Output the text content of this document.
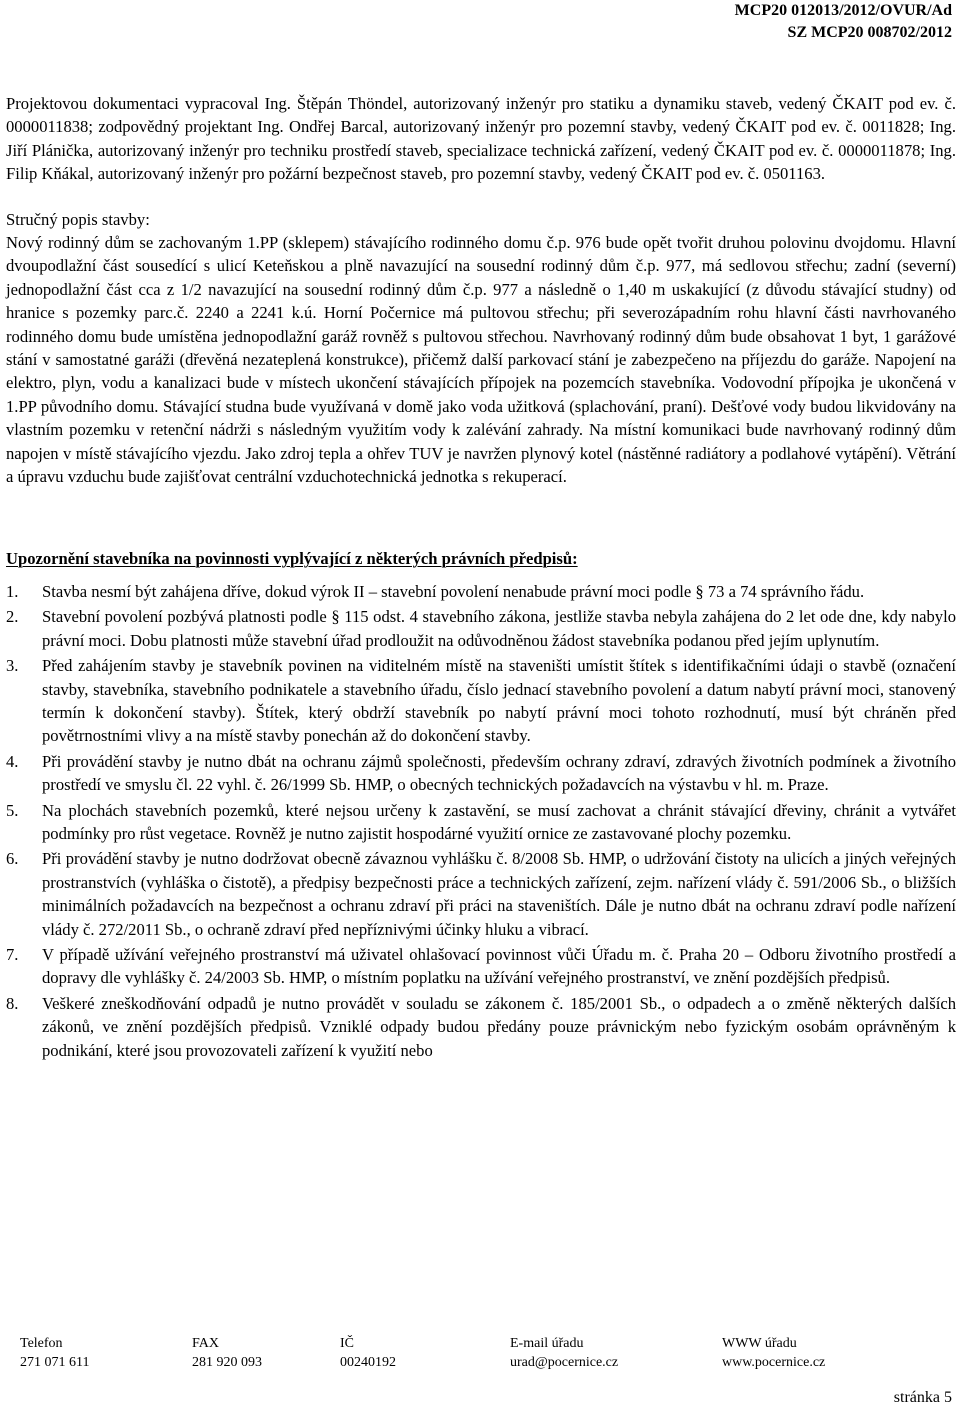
MCP20 012013/2012/OVUR/Ad
SZ MCP20 008702/2012

Projektovou dokumentaci vypracoval Ing. Štěpán Thöndel, autorizovaný inženýr pro statiku a dynamiku staveb, vedený ČKAIT pod ev. č. 0000011838; zodpovědný projektant Ing. Ondřej Barcal, autorizovaný inženýr pro pozemní stavby, vedený ČKAIT pod ev. č. 0011828; Ing. Jiří Plánička, autorizovaný inženýr pro techniku prostředí staveb, specializace technická zařízení, vedený ČKAIT pod ev. č. 0000011878; Ing. Filip Kňákal, autorizovaný inženýr pro požární bezpečnost staveb, pro pozemní stavby, vedený ČKAIT pod ev. č. 0501163.

Stručný popis stavby:

Nový rodinný dům se zachovaným 1.PP (sklepem) stávajícího rodinného domu č.p. 976 bude opět tvořit druhou polovinu dvojdomu. Hlavní dvoupodlažní část sousedící s ulicí Keteňskou a plně navazující na sousední rodinný dům č.p. 977, má sedlovou střechu; zadní (severní) jednopodlažní část cca z 1/2 navazující na sousední rodinný dům č.p. 977 a následně o 1,40 m uskakující (z důvodu stávající studny) od hranice s pozemky parc.č. 2240 a 2241 k.ú. Horní Počernice má pultovou střechu; při severozápadním rohu hlavní části navrhovaného rodinného domu bude umístěna jednopodlažní garáž rovněž s pultovou střechou. Navrhovaný rodinný dům bude obsahovat 1 byt, 1 garážové stání v samostatné garáži (dřevěná nezateplená konstrukce), přičemž další parkovací stání je zabezpečeno na příjezdu do garáže. Napojení na elektro, plyn, vodu a kanalizaci bude v místech ukončení stávajících přípojek na pozemcích stavebníka. Vodovodní přípojka je ukončená v 1.PP původního domu. Stávající studna bude využívaná v domě jako voda užitková (splachování, praní). Dešťové vody budou likvidovány na vlastním pozemku v retenční nádrži s následným využitím vody k zalévání zahrady. Na místní komunikaci bude navrhovaný rodinný dům napojen v místě stávajícího vjezdu. Jako zdroj tepla a ohřev TUV je navržen plynový kotel (nástěnné radiátory a podlahové vytápění). Větrání a úpravu vzduchu bude zajišťovat centrální vzduchotechnická jednotka s rekuperací.

Upozornění stavebníka na povinnosti vyplývající z některých právních předpisů:

1.	Stavba nesmí být zahájena dříve, dokud výrok II – stavební povolení nenabude právní moci podle § 73 a 74 správního řádu.
2.	Stavební povolení pozbývá platnosti podle § 115 odst. 4 stavebního zákona, jestliže stavba nebyla zahájena do 2 let ode dne, kdy nabylo právní moci. Dobu platnosti může stavební úřad prodloužit na odůvodněnou žádost stavebníka podanou před jejím uplynutím.
3.	Před zahájením stavby je stavebník povinen na viditelném místě na staveništi umístit štítek s identifikačními údaji o stavbě (označení stavby, stavebníka, stavebního podnikatele a stavebního úřadu, číslo jednací stavebního povolení a datum nabytí právní moci, stanovený termín k dokončení stavby). Štítek, který obdrží stavebník po nabytí právní moci tohoto rozhodnutí, musí být chráněn před povětrnostními vlivy a na místě stavby ponechán až do dokončení stavby.
4.	Při provádění stavby je nutno dbát na ochranu zájmů společnosti, především ochrany zdraví, zdravých životních podmínek a životního prostředí ve smyslu čl. 22 vyhl. č. 26/1999 Sb. HMP, o obecných technických požadavcích na výstavbu v hl. m. Praze.
5.	Na plochách stavebních pozemků, které nejsou určeny k zastavění, se musí zachovat a chránit stávající dřeviny, chránit a vytvářet podmínky pro růst vegetace. Rovněž je nutno zajistit hospodárné využití ornice ze zastavované plochy pozemku.
6.	Při provádění stavby je nutno dodržovat obecně závaznou vyhlášku č. 8/2008 Sb. HMP, o udržování čistoty na ulicích a jiných veřejných prostranstvích (vyhláška o čistotě), a předpisy bezpečnosti práce a technických zařízení, zejm. nařízení vlády č. 591/2006 Sb., o bližších minimálních požadavcích na bezpečnost a ochranu zdraví při práci na staveništích. Dále je nutno dbát na ochranu zdraví podle nařízení vlády č. 272/2011 Sb., o ochraně zdraví před nepříznivými účinky hluku a vibrací.
7.	V případě užívání veřejného prostranství má uživatel ohlašovací povinnost vůči Úřadu m. č. Praha 20 – Odboru životního prostředí a dopravy dle vyhlášky č. 24/2003 Sb. HMP, o místním poplatku na užívání veřejného prostranství, ve znění pozdějších předpisů.
8.	Veškeré zneškodňování odpadů je nutno provádět v souladu se zákonem č. 185/2001 Sb., o odpadech a o změně některých dalších zákonů, ve znění pozdějších předpisů. Vzniklé odpady budou předány pouze právnickým nebo fyzickým osobám oprávněným k podnikání, které jsou provozovateli zařízení k využití nebo
Telefon
271 071 611
FAX
281 920 093
IČ
00240192
E-mail úřadu
urad@pocernice.cz
WWW úřadu
www.pocernice.cz
stránka 5
